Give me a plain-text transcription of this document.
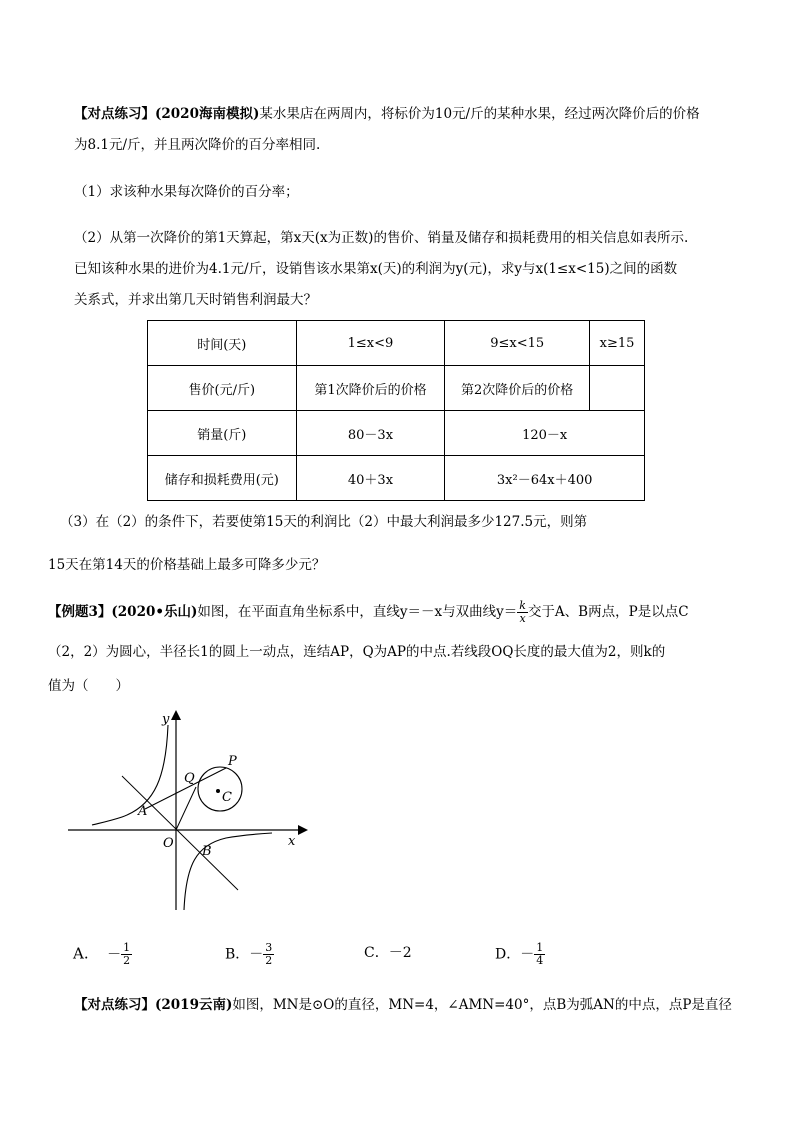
【对点练习】(2020海南模拟)某水果店在两周内，将标价为10元/斤的某种水果，经过两次降价后的价格
为8.1元/斤，并且两次降价的百分率相同.
（1）求该种水果每次降价的百分率；
（2）从第一次降价的第1天算起，第x天(x为正数)的售价、销量及储存和损耗费用的相关信息如表所示.
已知该种水果的进价为4.1元/斤，设销售该水果第x(天)的利润为y(元)，求y与x(1≤x<15)之间的函数
关系式，并求出第几天时销售利润最大？
时间(天)	1≤x<9	9≤x<15	x≥15
售价(元/斤)	第1次降价后的价格	第2次降价后的价格	
销量(斤)	80－3x	120－x	
储存和损耗费用(元)	40＋3x	3x²－64x＋400	
（3）在（2）的条件下，若要使第15天的利润比（2）中最大利润最多少127.5元，则第
15天在第14天的价格基础上最多可降多少元？
【例题3】(2020•乐山)如图，在平面直角坐标系中，直线y＝－x与双曲线$y= \frac{k}{x}$ 交于A、B两点，P是以点C
（2，2）为圆心，半径长1的圆上一动点，连结AP，Q为AP的中点.若线段OQ长度的最大值为2，则k的
值为（　　）
y
x
O
A
B
C
P
Q
A. － $\frac{1}{2}$	B．－ $\frac{3}{2}$	C．－2	D．－ $\frac{1}{4}$
【对点练习】(2019云南)如图，MN是⊙O的直径，MN=4，∠AMN=40°，点B为弧AN的中点，点P是直径
